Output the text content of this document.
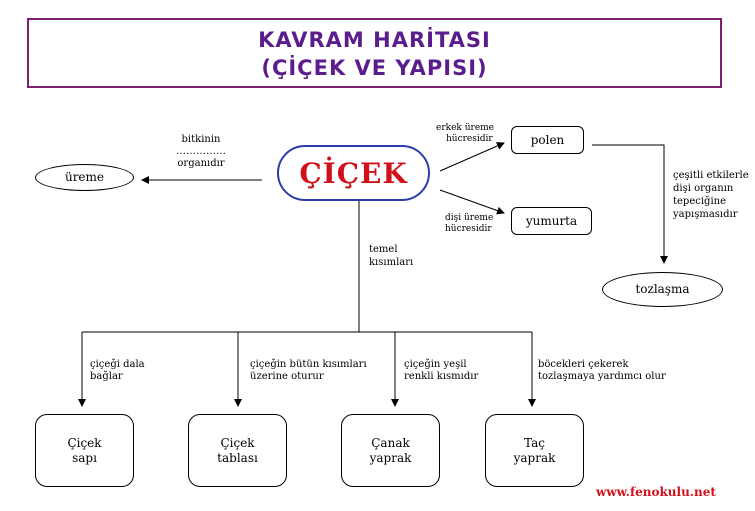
KAVRAM HARİTASI
(ÇİÇEK VE YAPISI)
ÇİÇEK
üreme
polen
yumurta
tozlaşma
Çiçek
sapı
Çiçek
tablası
Çanak
yaprak
Taç
yaprak
bitkinin
……………
organıdır
erkek üreme
hücresidir
dişi üreme
hücresidir
çeşitli etkilerle
dişi organın
tepeciğine
yapışmasıdır
temel
kısımları
çiçeği dala
bağlar
çiçeğin bütün kısımları
üzerine oturur
çiçeğin yeşil
renkli kısmıdır
böcekleri çekerek
tozlaşmaya yardımcı olur
www.fenokulu.net
